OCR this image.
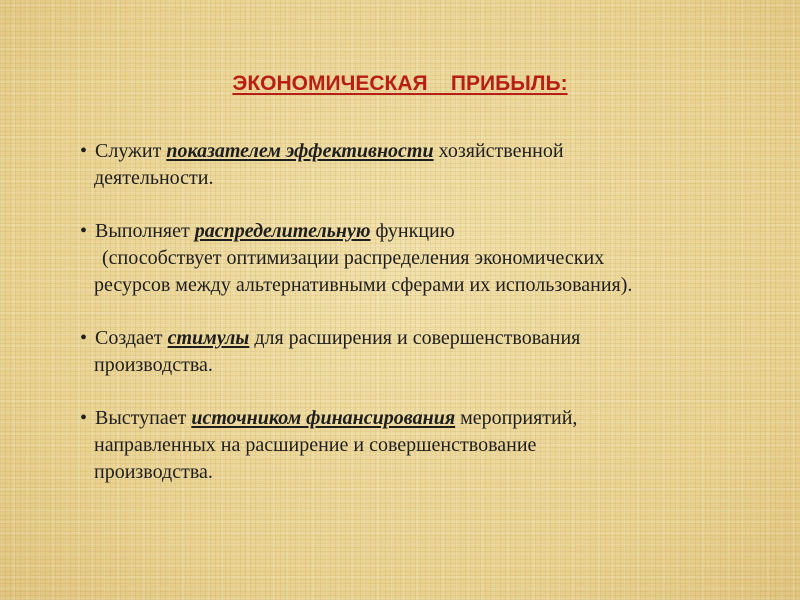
ЭКОНОМИЧЕСКАЯ    ПРИБЫЛЬ:
• Служит показателем эффективности хозяйственной
деятельности.
• Выполняет распределительную функцию
(способствует оптимизации распределения экономических
ресурсов между альтернативными сферами их использования).
• Создает стимулы для расширения и совершенствования
производства.
• Выступает источником финансирования мероприятий,
направленных на расширение и совершенствование
производства.
